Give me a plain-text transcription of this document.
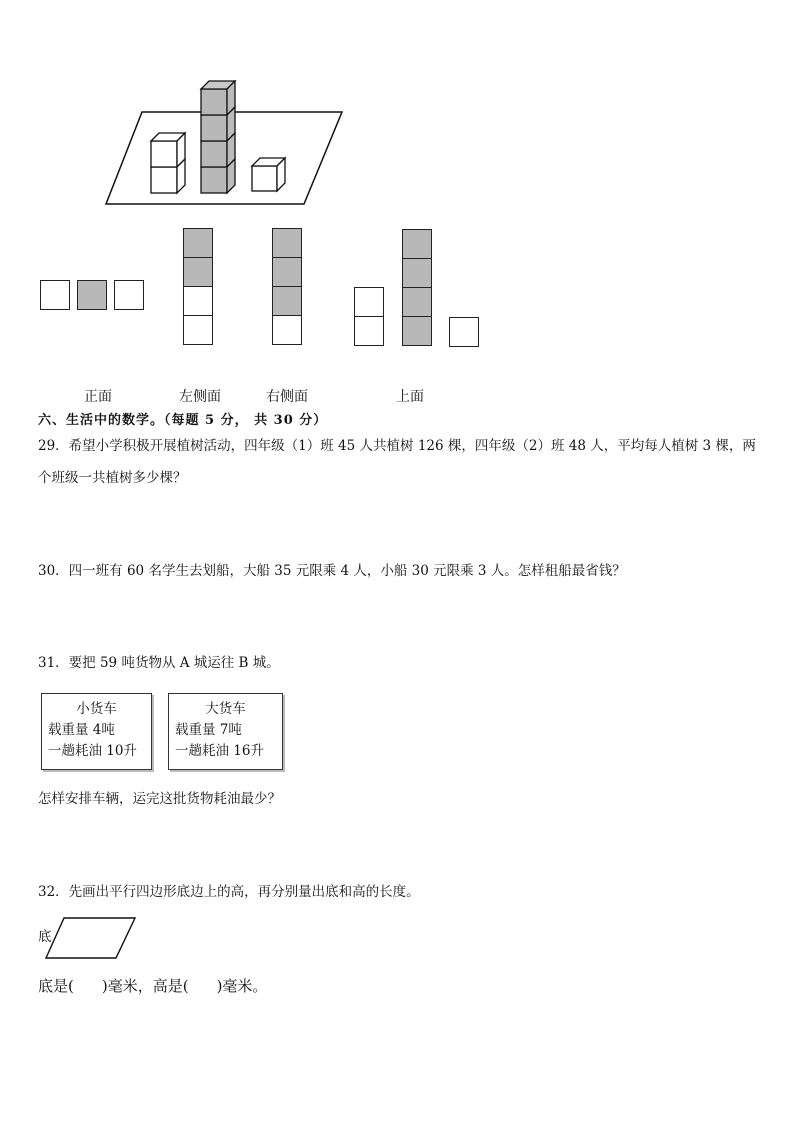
正面	左侧面	右侧面	上面
六、生活中的数学。（每题 5 分， 共 30 分）
29．希望小学积极开展植树活动，四年级（1）班 45 人共植树 126 棵，四年级（2）班 48 人，平均每人植树 3 棵，两个班级一共植树多少棵？
30．四一班有 60 名学生去划船，大船 35 元限乘 4 人，小船 30 元限乘 3 人。怎样租船最省钱？
31．要把 59 吨货物从 A 城运往 B 城。
小货车
载重量 4吨
一趟耗油 10升
大货车
载重量 7吨
一趟耗油 16升
怎样安排车辆，运完这批货物耗油最少？
32．先画出平行四边形底边上的高，再分别量出底和高的长度。
底
底是( )毫米，高是( )毫米。
